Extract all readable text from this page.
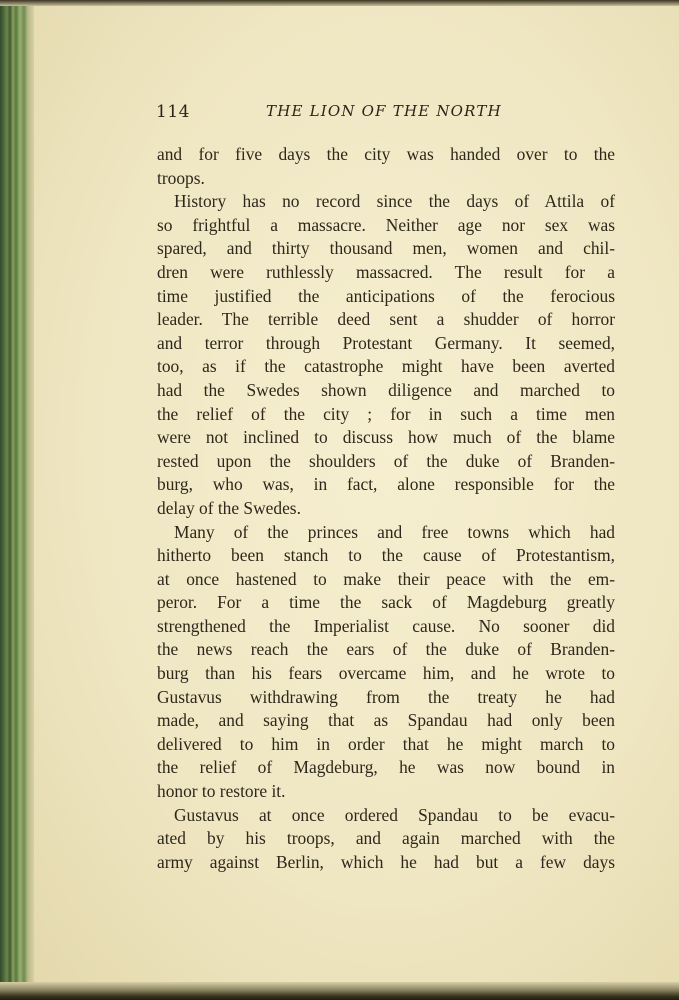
114	THE LION OF THE NORTH
and for five days the city was handed over to the
troops.
History has no record since the days of Attila of
so frightful a massacre. Neither age nor sex was
spared, and thirty thousand men, women and chil-
dren were ruthlessly massacred. The result for a
time justified the anticipations of the ferocious
leader. The terrible deed sent a shudder of horror
and terror through Protestant Germany. It seemed,
too, as if the catastrophe might have been averted
had the Swedes shown diligence and marched to
the relief of the city ; for in such a time men
were not inclined to discuss how much of the blame
rested upon the shoulders of the duke of Branden-
burg, who was, in fact, alone responsible for the
delay of the Swedes.
Many of the princes and free towns which had
hitherto been stanch to the cause of Protestantism,
at once hastened to make their peace with the em-
peror. For a time the sack of Magdeburg greatly
strengthened the Imperialist cause. No sooner did
the news reach the ears of the duke of Branden-
burg than his fears overcame him, and he wrote to
Gustavus withdrawing from the treaty he had
made, and saying that as Spandau had only been
delivered to him in order that he might march to
the relief of Magdeburg, he was now bound in
honor to restore it.
Gustavus at once ordered Spandau to be evacu-
ated by his troops, and again marched with the
army against Berlin, which he had but a few days
